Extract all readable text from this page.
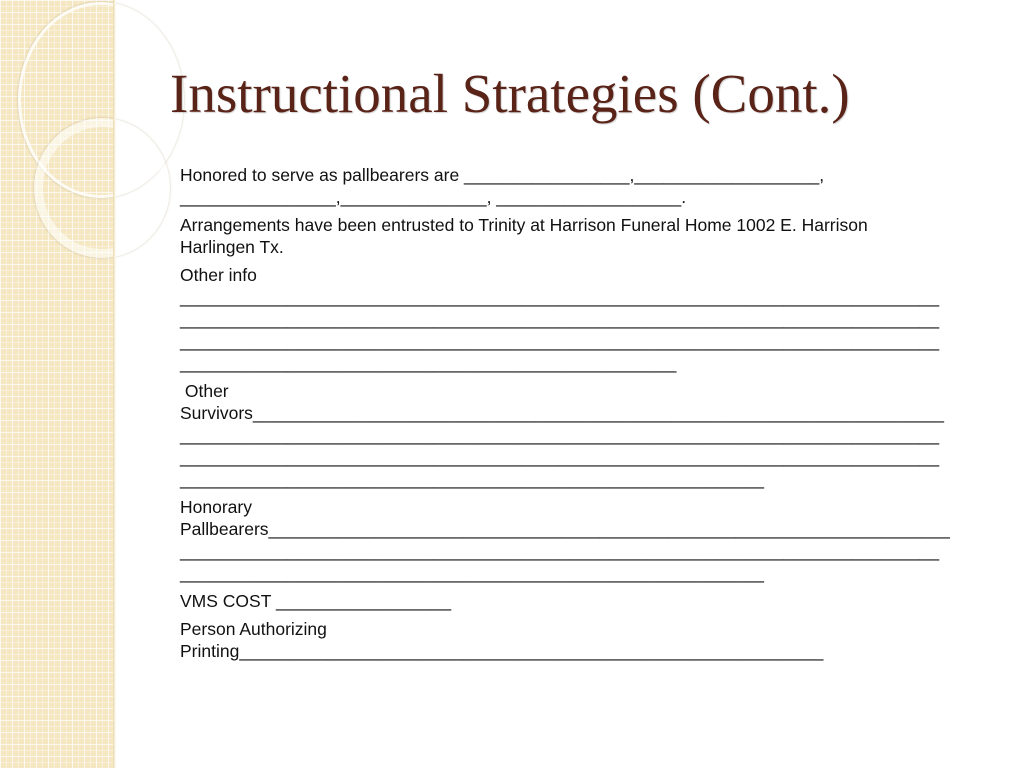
Instructional Strategies (Cont.)

Honored to serve as pallbearers are _________________,___________________,
________________,_______________, ___________________.

Arrangements have been entrusted to Trinity at Harrison Funeral Home 1002 E. Harrison
Harlingen Tx.

Other info
______________________________________________________________________________
______________________________________________________________________________
______________________________________________________________________________
___________________________________________________

Other
Survivors_______________________________________________________________________
______________________________________________________________________________
______________________________________________________________________________
____________________________________________________________

Honorary
Pallbearers______________________________________________________________________
______________________________________________________________________________
____________________________________________________________

VMS COST __________________

Person Authorizing
Printing____________________________________________________________
